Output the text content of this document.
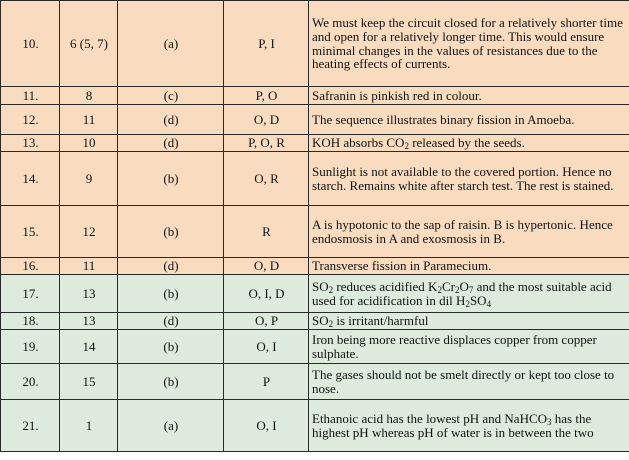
10.	6 (5, 7)	(a)	P, I	We must keep the circuit closed for a relatively shorter time and open for a relatively longer time. This would ensure minimal changes in the values of resistances due to the heating effects of currents.
11.	8	(c)	P, O	Safranin is pinkish red in colour.
12.	11	(d)	O, D	The sequence illustrates binary fission in Amoeba.
13.	10	(d)	P, O, R	KOH absorbs $CO_2$ released by the seeds.
14.	9	(b)	O, R	Sunlight is not available to the covered portion. Hence no starch. Remains white after starch test. The rest is stained.
15.	12	(b)	R	A is hypotonic to the sap of raisin. B is hypertonic. Hence endosmosis in A and exosmosis in B.
16.	11	(d)	O, D	Transverse fission in Paramecium.
17.	13	(b)	O, I, D	$SO_2$ reduces acidified $K_2Cr_2O_7$ and the most suitable acid used for acidification in dil $H_2SO_4$
18.	13	(d)	O, P	$SO_2$ is irritant/harmful
19.	14	(b)	O, I	Iron being more reactive displaces copper from copper sulphate.
20.	15	(b)	P	The gases should not be smelt directly or kept too close to nose.
21.	1	(a)	O, I	Ethanoic acid has the lowest pH and NaHCO$_3$ has the highest pH whereas pH of water is in between the two
